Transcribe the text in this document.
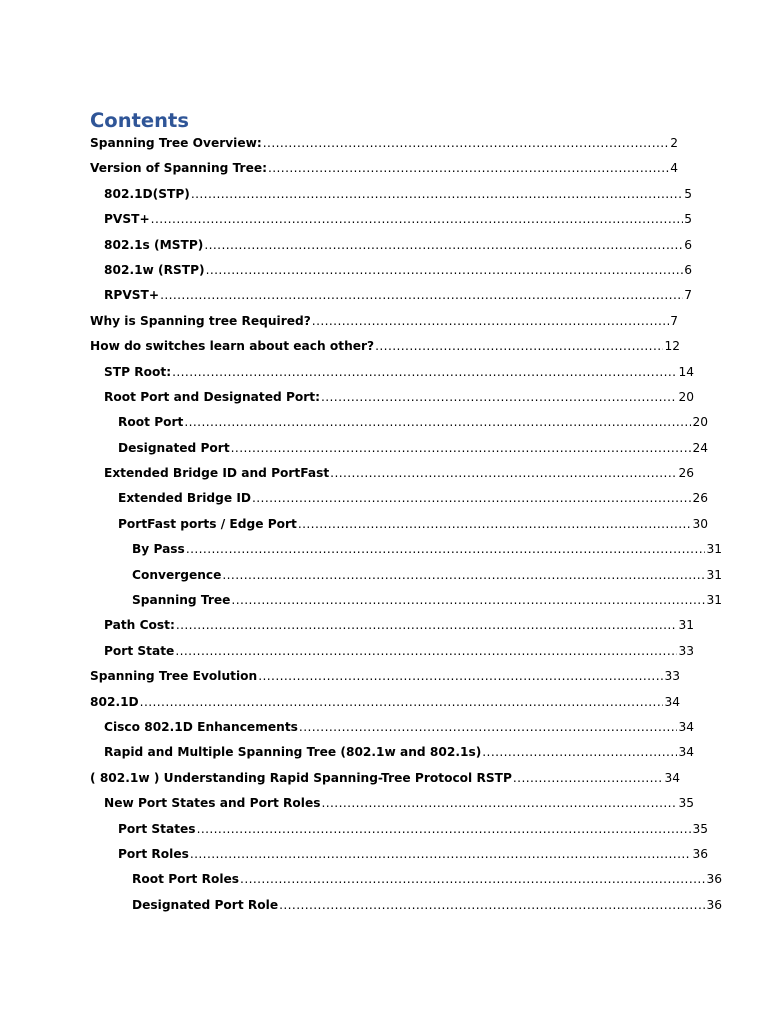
Contents
Spanning Tree Overview: .....	2
Version of Spanning Tree: .....	4
802.1D(STP) .....	5
PVST+ .....	5
802.1s (MSTP) .....	6
802.1w (RSTP) .....	6
RPVST+ .....	7
Why is Spanning tree Required? .....	7
How do switches learn about each other? .....	12
STP Root: .....	14
Root Port and Designated Port: .....	20
Root Port .....	20
Designated Port .....	24
Extended Bridge ID and PortFast .....	26
Extended Bridge ID .....	26
PortFast ports / Edge Port .....	30
By Pass .....	31
Convergence .....	31
Spanning Tree .....	31
Path Cost: .....	31
Port State .....	33
Spanning Tree Evolution .....	33
802.1D .....	34
Cisco 802.1D Enhancements .....	34
Rapid and Multiple Spanning Tree (802.1w and 802.1s) .....	34
( 802.1w ) Understanding Rapid Spanning-Tree Protocol RSTP .....	34
New Port States and Port Roles .....	35
Port States .....	35
Port Roles .....	36
Root Port Roles .....	36
Designated Port Role .....	36
